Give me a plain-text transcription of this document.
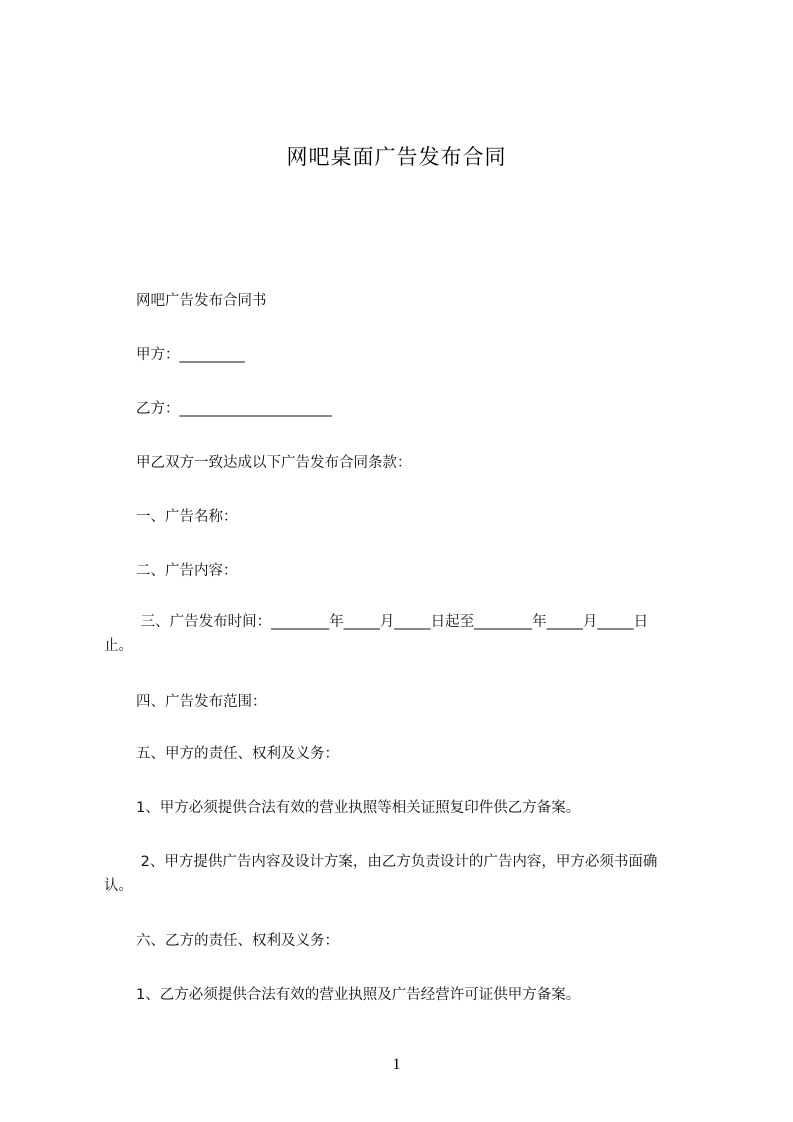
网吧桌面广告发布合同
网吧广告发布合同书
甲方：_________
乙方：_____________________
甲乙双方一致达成以下广告发布合同条款：
一、广告名称：
二、广告内容：
三、广告发布时间：________年_____月_____日起至________年_____月_____日
止。
四、广告发布范围：
五、甲方的责任、权利及义务：
1、甲方必须提供合法有效的营业执照等相关证照复印件供乙方备案。
2、甲方提供广告内容及设计方案，由乙方负责设计的广告内容，甲方必须书面确
认。
六、乙方的责任、权利及义务：
1、乙方必须提供合法有效的营业执照及广告经营许可证供甲方备案。
1
